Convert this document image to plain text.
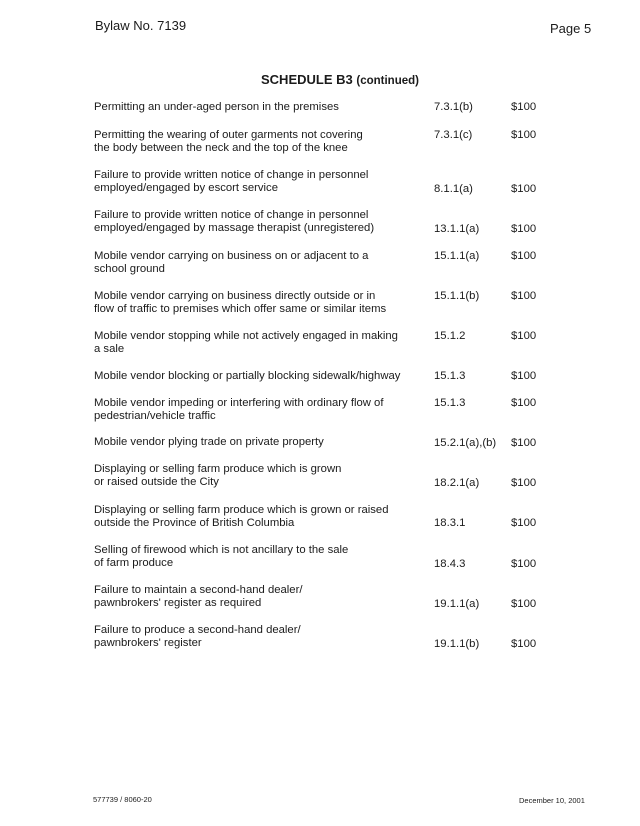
Bylaw No. 7139	Page 5
SCHEDULE B3 (continued)
Permitting an under-aged person in the premises	7.3.1(b)	$100
Permitting the wearing of outer garments not covering
the body between the neck and the top of the knee
7.3.1(c)	$100
Failure to provide written notice of change in personnel
employed/engaged by escort service	8.1.1(a)	$100
Failure to provide written notice of change in personnel
employed/engaged by massage therapist (unregistered)	13.1.1(a)	$100
Mobile vendor carrying on business on or adjacent to a
school ground
15.1.1(a)	$100
Mobile vendor carrying on business directly outside or in
flow of traffic to premises which offer same or similar items
15.1.1(b)	$100
Mobile vendor stopping while not actively engaged in making
a sale
15.1.2	$100
Mobile vendor blocking or partially blocking sidewalk/highway	15.1.3	$100
Mobile vendor impeding or interfering with ordinary flow of
pedestrian/vehicle traffic
15.1.3	$100
Mobile vendor plying trade on private property	15.2.1(a),(b) $100
Displaying or selling farm produce which is grown
or raised outside the City	18.2.1(a)	$100
Displaying or selling farm produce which is grown or raised
outside the Province of British Columbia	18.3.1	$100
Selling of firewood which is not ancillary to the sale
of farm produce	18.4.3	$100
Failure to maintain a second-hand dealer/
pawnbrokers' register as required	19.1.1(a)	$100
Failure to produce a second-hand dealer/
pawnbrokers' register	19.1.1(b)	$100
577739 / 8060-20	December 10, 2001
